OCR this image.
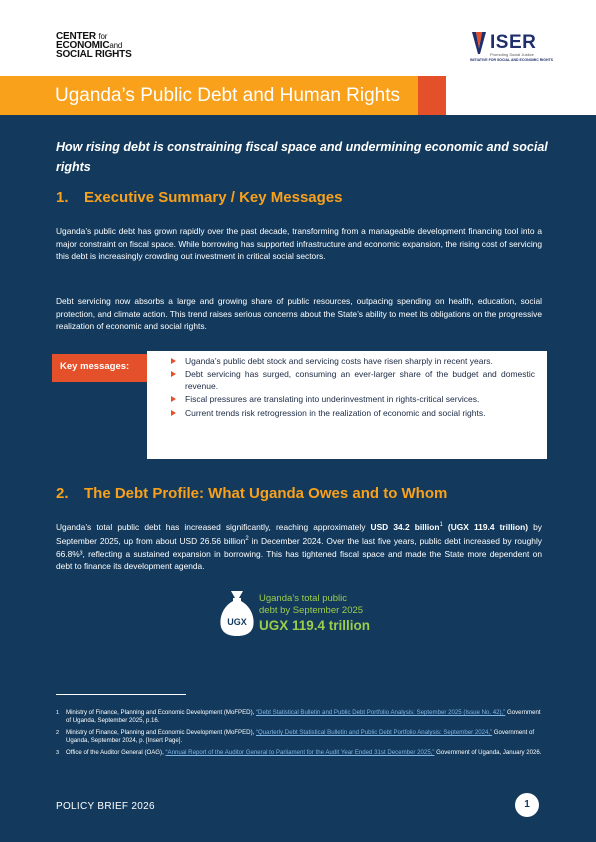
CENTER for
ECONOMICand
SOCIAL RIGHTS
ISER
Promoting Social Justice
INITIATIVE FOR SOCIAL AND ECONOMIC RIGHTS
Uganda’s Public Debt and Human Rights
How rising debt is constraining fiscal space and undermining economic and social rights
1. Executive Summary / Key Messages

Uganda’s public debt has grown rapidly over the past decade, transforming from a manageable development financing tool into a major constraint on fiscal space. While borrowing has supported infrastructure and economic expansion, the rising cost of servicing this debt is increasingly crowding out investment in critical social sectors.

Debt servicing now absorbs a large and growing share of public resources, outpacing spending on health, education, social protection, and climate action. This trend raises serious concerns about the State’s ability to meet its obligations on the progressive realization of economic and social rights.

Key messages:	Uganda’s public debt stock and servicing costs have risen sharply in recent years.
Debt servicing has surged, consuming an ever-larger share of the budget and domestic revenue.
Fiscal pressures are translating into underinvestment in rights-critical services.
Current trends risk retrogression in the realization of economic and social rights.
2. The Debt Profile: What Uganda Owes and to Whom

Uganda’s total public debt has increased significantly, reaching approximately USD 34.2 billion$^1$ (UGX 119.4 trillion) by September 2025, up from about USD 26.56 billion$^2$ in December 2024. Over the last five years, public debt increased by roughly 66.8%³, reflecting a sustained expansion in borrowing. This has tightened fiscal space and made the State more dependent on debt to finance its development agenda.

UGX
Uganda’s total public
debt by September 2025
UGX 119.4 trillion
1	Ministry of Finance, Planning and Economic Development (MoFPED), “Debt Statistical Bulletin and Public Debt Portfolio Analysis: September 2025 (Issue No. 42),” Government of Uganda, September 2025, p.16.
2	Ministry of Finance, Planning and Economic Development (MoFPED), “Quarterly Debt Statistical Bulletin and Public Debt Portfolio Analysis: September 2024,” Government of Uganda, September 2024, p. [Insert Page].
3	Office of the Auditor General (OAG), “Annual Report of the Auditor General to Parliament for the Audit Year Ended 31st December 2025,” Government of Uganda, January 2026.
POLICY BRIEF 2026	1
